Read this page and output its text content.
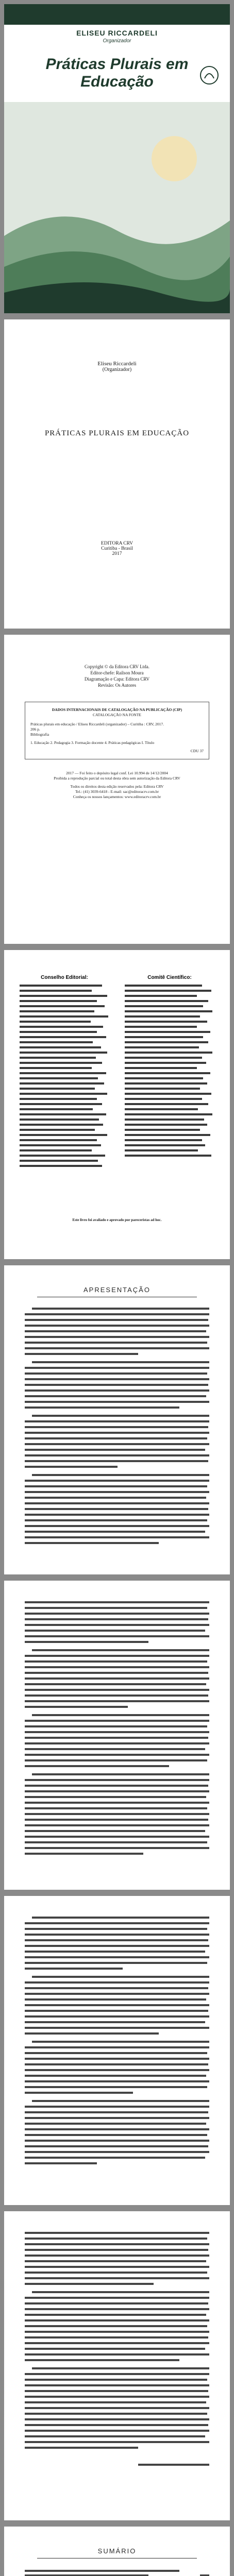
ELISEU RICCARDELI
Organizador
Práticas Plurais em Educação
Eliseu Riccardeli
(Organizador)
PRÁTICAS PLURAIS EM EDUCAÇÃO
EDITORA CRV
Curitiba - Brasil
2017
Copyright © da Editora CRV Ltda.
Editor-chefe: Railson Moura
Diagramação e Capa: Editora CRV
Revisão: Os Autores
DADOS INTERNACIONAIS DE CATALOGAÇÃO NA PUBLICAÇÃO (CIP)
CATALOGAÇÃO NA FONTE
Práticas plurais em educação / Eliseu Riccardeli (organizador) – Curitiba : CRV, 2017.
206 p.
Bibliografia
1. Educação 2. Pedagogia 3. Formação docente 4. Práticas pedagógicas I. Título
CDU 37
2017 — Foi feito o depósito legal conf. Lei 10.994 de 14/12/2004
Proibida a reprodução parcial ou total desta obra sem autorização da Editora CRV
Todos os direitos desta edição reservados pela: Editora CRV
Tel.: (41) 3039-6418 - E-mail: sac@editoracrv.com.br
Conheça os nossos lançamentos: www.editoracrv.com.br
Conselho Editorial:	Comitê Científico:
Este livro foi avaliado e aprovado por pareceristas ad hoc.
APRESENTAÇÃO
SUMÁRIO
